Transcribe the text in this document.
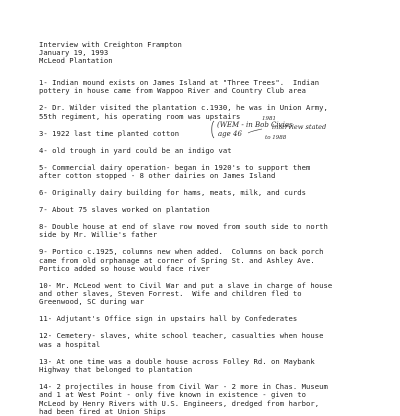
Interview with Creighton Frampton
January 19, 1993
McLeod Plantation
1- Indian mound exists on James Island at "Three Trees".  Indian
pottery in house came from Wappoo River and Country Club area
2- Dr. Wilder visited the plantation c.1930, he was in Union Army,
55th regiment, his operating room was upstairs
3- 1922 last time planted cotton
4- old trough in yard could be an indigo vat
5- Commercial dairy operation- began in 1920's to support them
after cotton stopped - 8 other dairies on James Island
6- Originally dairy building for hams, meats, milk, and curds
7- About 75 slaves worked on plantation
8- Double house at end of slave row moved from south side to north
side by Mr. Willie's father
9- Portico c.1925, columns new when added.  Columns on back porch
came from old orphanage at corner of Spring St. and Ashley Ave.
Portico added so house would face river
10- Mr. McLeod went to Civil War and put a slave in charge of house
and other slaves, Steven Forrest.  Wife and children fled to
Greenwood, SC during war
11- Adjutant's Office sign in upstairs hall by Confederates
12- Cemetery- slaves, white school teacher, casualties when house
was a hospital
13- At one time was a double house across Folley Rd. on Maybank
Highway that belonged to plantation
14- 2 projectiles in house from Civil War - 2 more in Chas. Museum
and 1 at West Point - only five known in existence - given to
McLeod by Henry Rivers with U.S. Engineers, dredged from harbor,
had been fired at Union Ships
1981
(WEM - in Bob Civies
interview stated
age 46	to 1988
